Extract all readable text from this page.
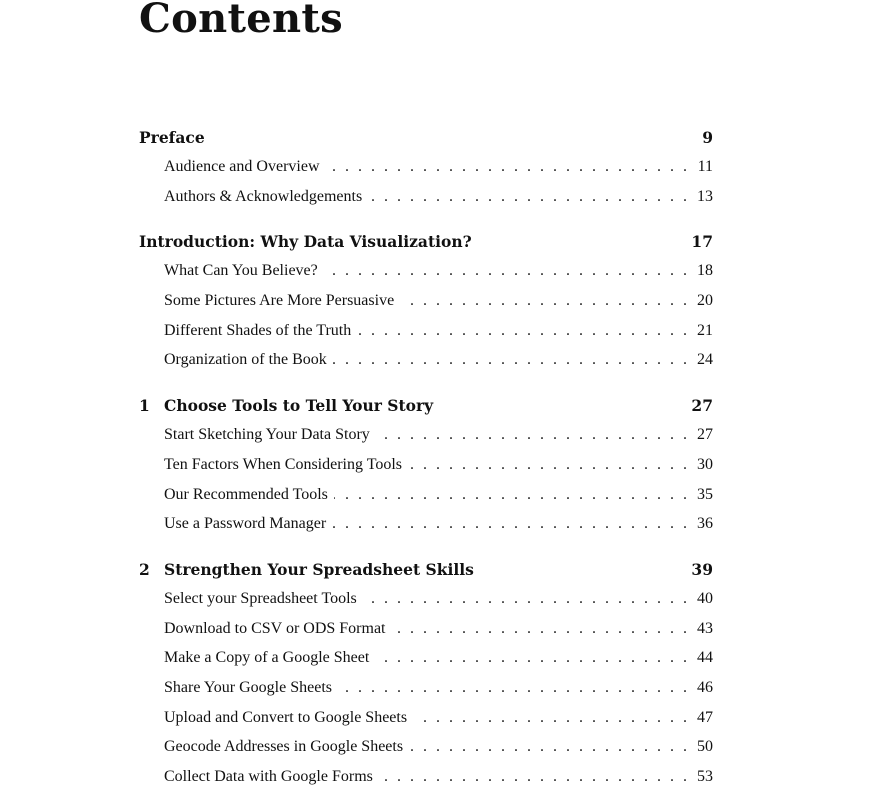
Contents
Preface	9
Audience and Overview . . .	11
Authors & Acknowledgements . . .	13
Introduction: Why Data Visualization?	17
What Can You Believe? . . .	18
Some Pictures Are More Persuasive . . .	20
Different Shades of the Truth . . .	21
Organization of the Book . . .	24
1 Choose Tools to Tell Your Story	27
Start Sketching Your Data Story . . .	27
Ten Factors When Considering Tools . . .	30
Our Recommended Tools . . .	35
Use a Password Manager . . .	36
2 Strengthen Your Spreadsheet Skills	39
Select your Spreadsheet Tools . . .	40
Download to CSV or ODS Format . . .	43
Make a Copy of a Google Sheet . . .	44
Share Your Google Sheets . . .	46
Upload and Convert to Google Sheets . . .	47
Geocode Addresses in Google Sheets . . .	50
Collect Data with Google Forms . . .	53
